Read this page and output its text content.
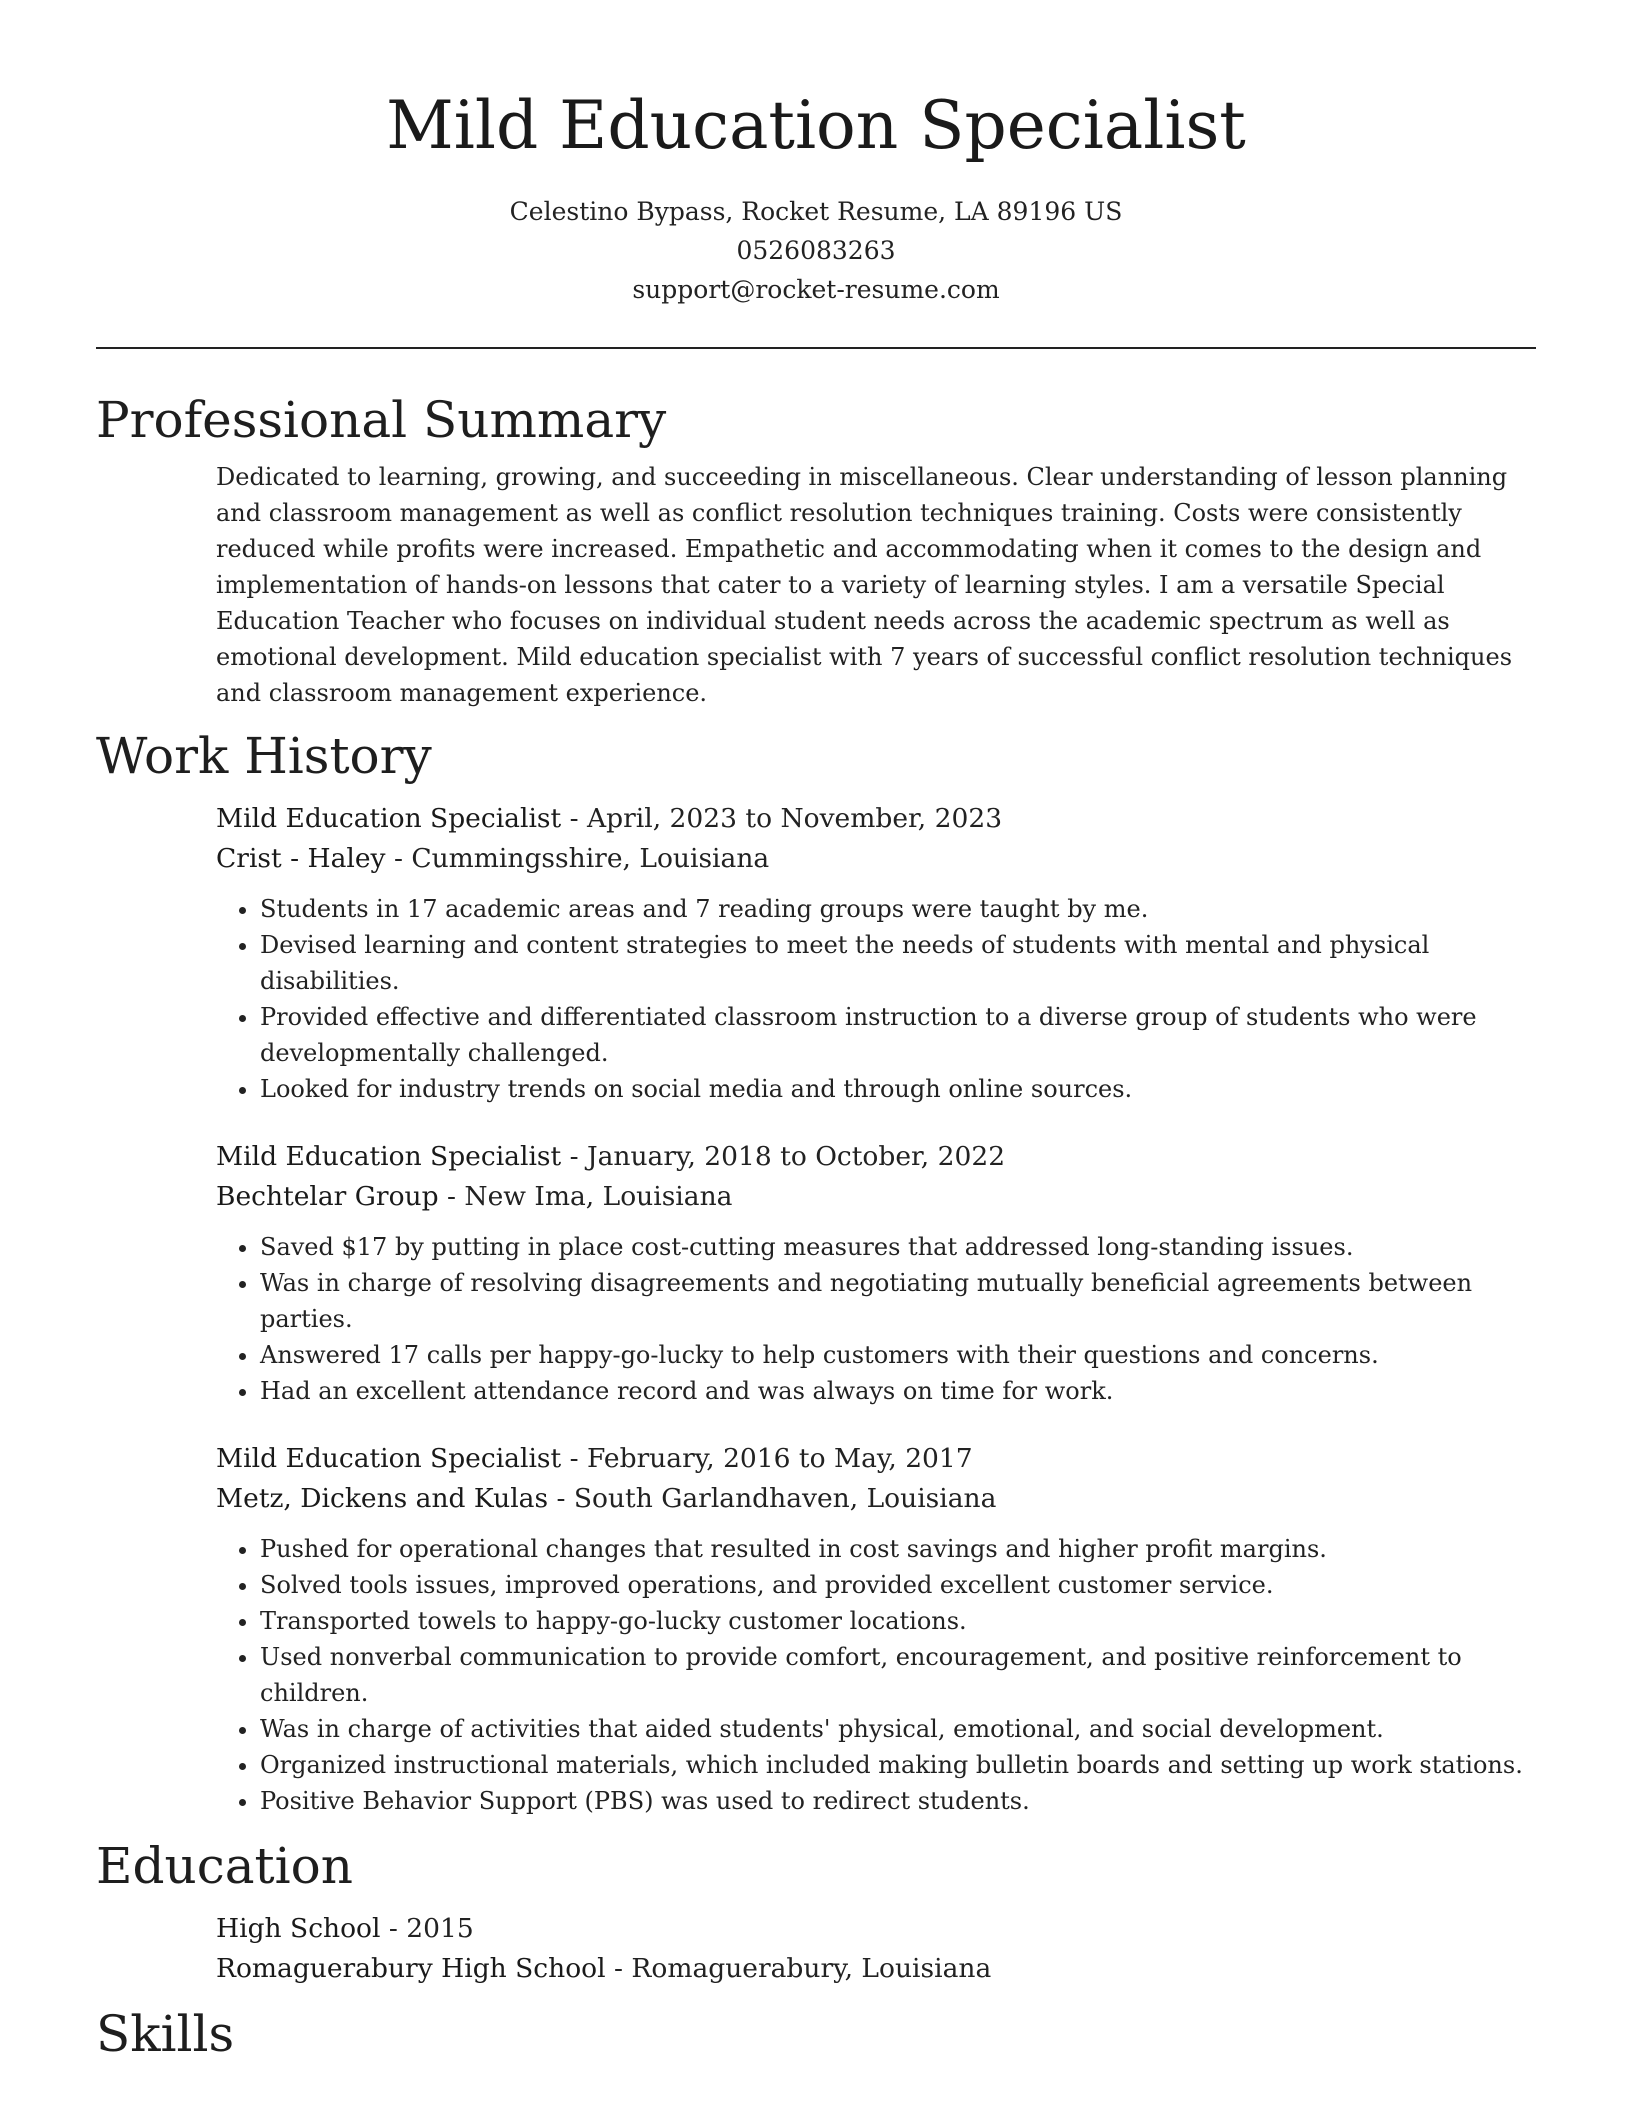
Mild Education Specialist
Celestino Bypass, Rocket Resume, LA 89196 US
0526083263
support@rocket-resume.com
Professional Summary

Dedicated to learning, growing, and succeeding in miscellaneous. Clear understanding of lesson planning and classroom management as well as conflict resolution techniques training. Costs were consistently reduced while profits were increased. Empathetic and accommodating when it comes to the design and implementation of hands-on lessons that cater to a variety of learning styles. I am a versatile Special Education Teacher who focuses on individual student needs across the academic spectrum as well as emotional development. Mild education specialist with 7 years of successful conflict resolution techniques and classroom management experience.

Work History
Mild Education Specialist - April, 2023 to November, 2023
Crist - Haley - Cummingsshire, Louisiana
• Students in 17 academic areas and 7 reading groups were taught by me.
• Devised learning and content strategies to meet the needs of students with mental and physical disabilities.
• Provided effective and differentiated classroom instruction to a diverse group of students who were developmentally challenged.
• Looked for industry trends on social media and through online sources.
Mild Education Specialist - January, 2018 to October, 2022
Bechtelar Group - New Ima, Louisiana
• Saved $17 by putting in place cost-cutting measures that addressed long-standing issues.
• Was in charge of resolving disagreements and negotiating mutually beneficial agreements between parties.
• Answered 17 calls per happy-go-lucky to help customers with their questions and concerns.
• Had an excellent attendance record and was always on time for work.
Mild Education Specialist - February, 2016 to May, 2017
Metz, Dickens and Kulas - South Garlandhaven, Louisiana
• Pushed for operational changes that resulted in cost savings and higher profit margins.
• Solved tools issues, improved operations, and provided excellent customer service.
• Transported towels to happy-go-lucky customer locations.
• Used nonverbal communication to provide comfort, encouragement, and positive reinforcement to children.
• Was in charge of activities that aided students' physical, emotional, and social development.
• Organized instructional materials, which included making bulletin boards and setting up work stations.
• Positive Behavior Support (PBS) was used to redirect students.
Education
High School - 2015
Romaguerabury High School - Romaguerabury, Louisiana
Skills
